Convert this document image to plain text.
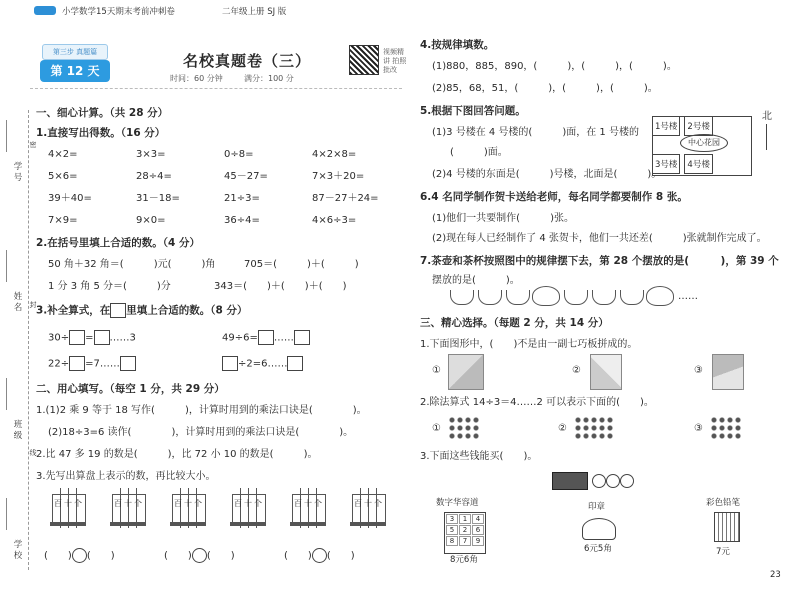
小学数学15天期末考前冲刺卷	二年级上册 SJ 版
学号
姓名
班级
学校
密
封
线
第三步 真题篇
第 12 天
名校真题卷（三）
时间：60 分钟	满分：100 分
视频精讲 拍照批改
一、细心计算。（共 28 分）
1.直接写出得数。（16 分）
4×2=	3×3=	0÷8=	4×2×8=
5×6=	28÷4=	45－27=	7×3＋20=
39＋40=	31－18=	21÷3=	87－27＋24=
7×9=	9×0=	36÷4=	4×6÷3=
2.在括号里填上合适的数。（4 分）
50 角＋32 角＝(　　　)元(　　　)角	705＝(　　　)＋(　　　)
1 分 3 角 5 分＝(　　　)分	343＝(　　)＋(　　)＋(　　)
3.补全算式，在 里填上合适的数。（8 分）
30÷ = ……3	49÷6= ……
22÷ =7……	÷2=6……
二、用心填写。（每空 1 分，共 29 分）
1.(1)2 乘 9 等于 18 写作(　　　)，计算时用到的乘法口诀是(　　　　)。
(2)18÷3=6 读作(　　　　)，计算时用到的乘法口诀是(　　　　)。
2.比 47 多 19 的数是(　　　)，比 72 小 10 的数是(　　　)。
3.先写出算盘上表示的数，再比较大小。
百十个	百十个	百十个	百十个	百十个	百十个
(　　) (　　)	(　　) (　　)	(　　) (　　)
4.按规律填数。
(1)880，885，890，(　　　)，(　　　)，(　　　)。
(2)85，68，51，(　　　)，(　　　)，(　　　)。
5.根据下图回答问题。
(1)3 号楼在 4 号楼的(　　　)面，在 1 号楼的
(　　　)面。
(2)4 号楼的东面是(　　　)号楼，北面是(　　　)。
1号楼		2号楼

3号楼		4号楼
中心花园
北
6.4 名同学制作贺卡送给老师，每名同学都要制作 8 张。
(1)他们一共要制作(　　　)张。
(2)现在每人已经制作了 4 张贺卡，他们一共还差(　　　)张就制作完成了。
7.茶壶和茶杯按照图中的规律摆下去，第 28 个摆放的是(　　　)，第 39 个
摆放的是(　　　)。
……
三、精心选择。（每题 2 分，共 14 分）
1.下面图形中，(　　)不是由一副七巧板拼成的。
①	②	③
2.除法算式 14÷3＝4……2 可以表示下面的(　　)。
①	②	③
3.下面这些钱能买(　　)。
数字华容道
3	1	4
5	2	6
8	7	9
8元6角
印章
6元5角
彩色铅笔
7元
23
